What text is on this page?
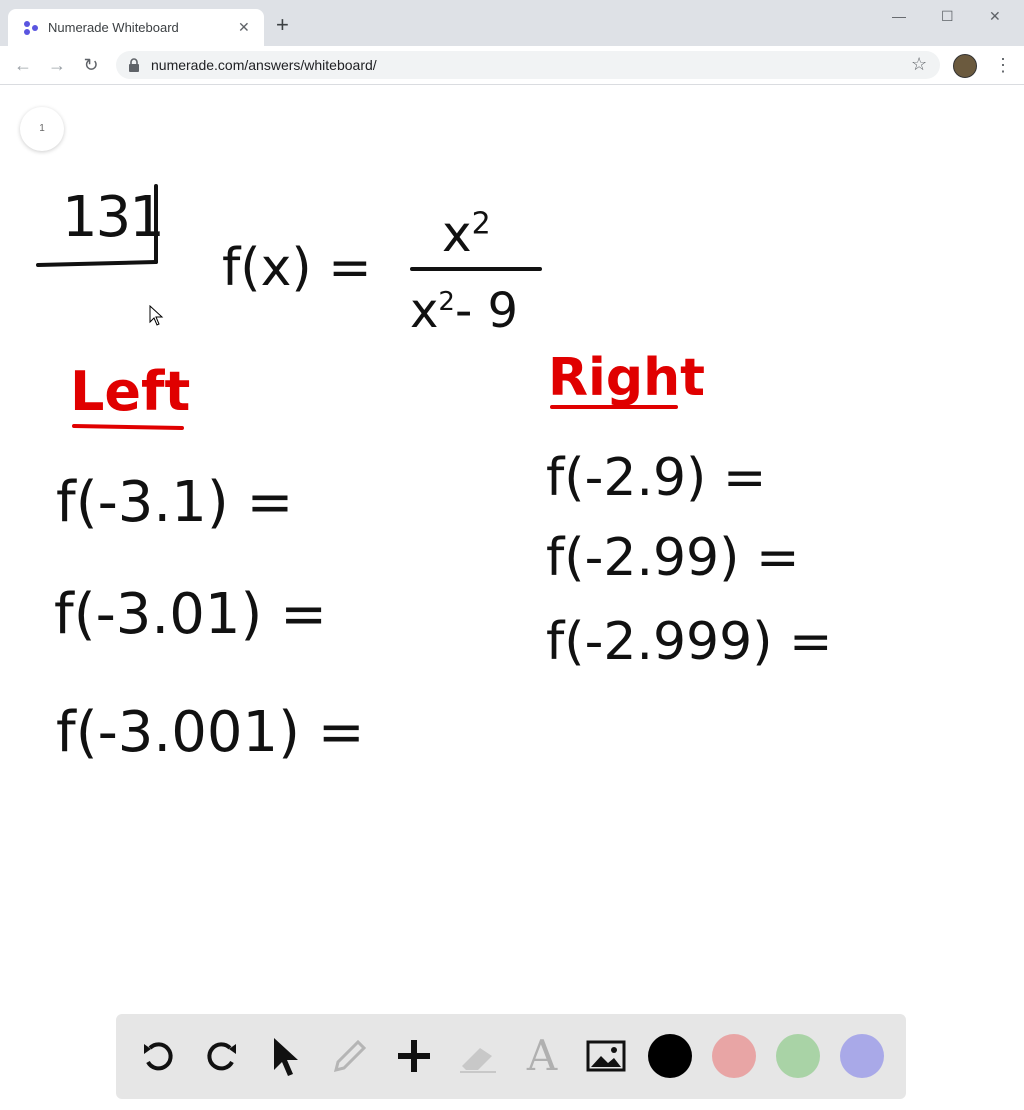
Numerade Whiteboard	✕ +	—	☐	✕
← → ↻	numerade.com/answers/whiteboard/	☆	⋮
1
131
f(x) =
$x^2$
$x^2-$ 9
Left	Right
f(-3.1) =
f(-3.01) =
f(-3.001) =
f(-2.9) =
f(-2.99) =
f(-2.999) =
A
